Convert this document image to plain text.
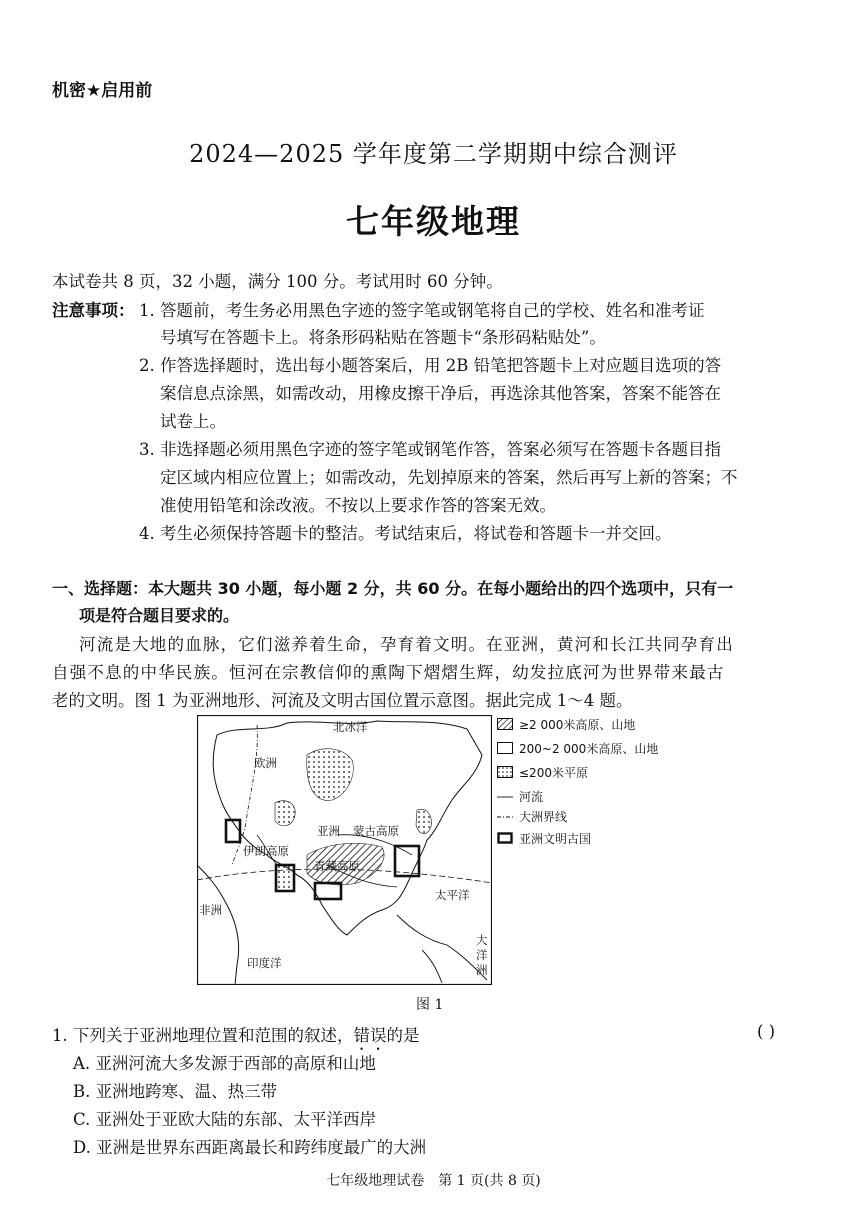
机密★启用前
2024—2025 学年度第二学期期中综合测评
七年级地理
本试卷共 8 页，32 小题，满分 100 分。考试用时 60 分钟。
注意事项： 1. 答题前，考生务必用黑色字迹的签字笔或钢笔将自己的学校、姓名和准考证
号填写在答题卡上。将条形码粘贴在答题卡“条形码粘贴处”。
2. 作答选择题时，选出每小题答案后，用 2B 铅笔把答题卡上对应题目选项的答
案信息点涂黑，如需改动，用橡皮擦干净后，再选涂其他答案，答案不能答在
试卷上。
3. 非选择题必须用黑色字迹的签字笔或钢笔作答，答案必须写在答题卡各题目指
定区域内相应位置上；如需改动，先划掉原来的答案，然后再写上新的答案；不
准使用铅笔和涂改液。不按以上要求作答的答案无效。
4. 考生必须保持答题卡的整洁。考试结束后，将试卷和答题卡一并交回。
一、选择题：本大题共 30 小题，每小题 2 分，共 60 分。在每小题给出的四个选项中，只有一
项是符合题目要求的。
河流是大地的血脉，它们滋养着生命，孕育着文明。在亚洲，黄河和长江共同孕育出
自强不息的中华民族。恒河在宗教信仰的熏陶下熠熠生辉，幼发拉底河为世界带来最古
老的文明。图 1 为亚洲地形、河流及文明古国位置示意图。据此完成 1～4 题。
北冰洋
欧洲
亚洲 蒙古高原
伊朗高原
青藏高原
非洲
太平洋
印度洋
大洋洲
≥2 000米高原、山地
200~2 000米高原、山地
≤200米平原
河流
大洲界线
亚洲文明古国
图 1
1. 下列关于亚洲地理位置和范围的叙述，错误的是	( )
A. 亚洲河流大多发源于西部的高原和山地
B. 亚洲地跨寒、温、热三带
C. 亚洲处于亚欧大陆的东部、太平洋西岸
D. 亚洲是世界东西距离最长和跨纬度最广的大洲
七年级地理试卷　第 1 页(共 8 页)
